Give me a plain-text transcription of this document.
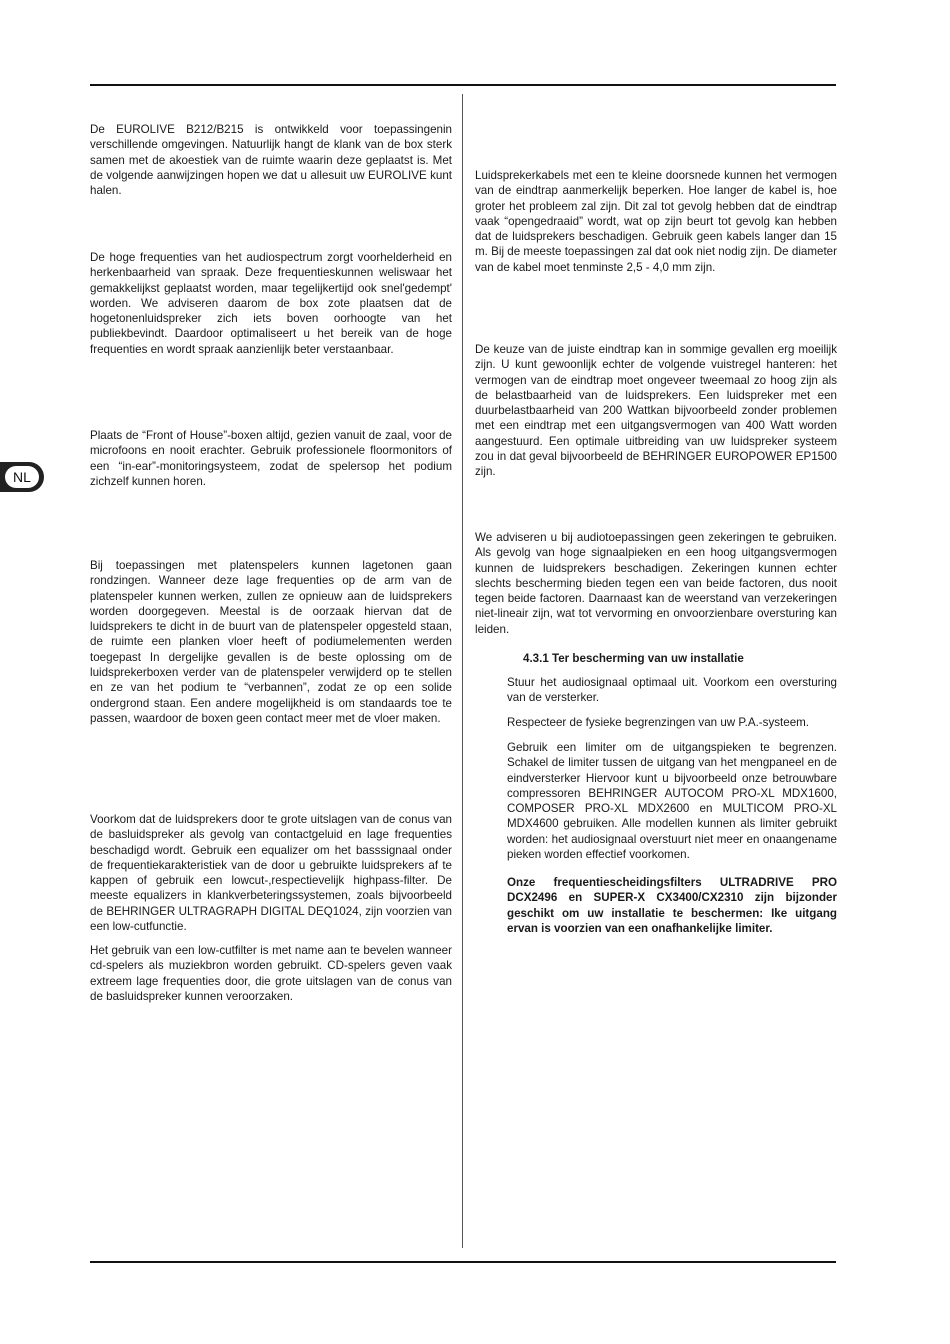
NL

De EUROLIVE B212/B215 is ontwikkeld voor toepassingenin verschillende omgevingen. Natuurlijk hangt de klank van de box sterk samen met de akoestiek van de ruimte waarin deze geplaatst is. Met de volgende aanwijzingen hopen we dat u allesuit uw EUROLIVE kunt halen.

De hoge frequenties van het audiospectrum zorgt voorhelderheid en herkenbaarheid van spraak. Deze frequentieskunnen weliswaar het gemakkelijkst geplaatst worden, maar tegelijkertijd ook snel'gedempt' worden. We adviseren daarom de box zote plaatsen dat de hogetonenluidspreker zich iets boven oorhoogte van het publiekbevindt. Daardoor optimaliseert u het bereik van de hoge frequenties en wordt spraak aanzienlijk beter verstaanbaar.

Plaats de “Front of House”-boxen altijd, gezien vanuit de zaal, voor de microfoons en nooit erachter. Gebruik professionele floormonitors of een “in-ear”-monitoringsysteem, zodat de spelersop het podium zichzelf kunnen horen.

Bij toepassingen met platenspelers kunnen lagetonen gaan rondzingen. Wanneer deze lage frequenties op de arm van de platenspeler kunnen werken, zullen ze opnieuw aan de luidsprekers worden doorgegeven. Meestal is de oorzaak hiervan dat de luidsprekers te dicht in de buurt van de platenspeler opgesteld staan, de ruimte een planken vloer heeft of podiumelementen werden toegepast In dergelijke gevallen is de beste oplossing om de luidsprekerboxen verder van de platenspeler verwijderd op te stellen en ze van het podium te “verbannen”, zodat ze op een solide ondergrond staan. Een andere mogelijkheid is om standaards toe te passen, waardoor de boxen geen contact meer met de vloer maken.

Voorkom dat de luidsprekers door te grote uitslagen van de conus van de basluidspreker als gevolg van contactgeluid en lage frequenties beschadigd wordt. Gebruik een equalizer om het basssignaal onder de frequentiekarakteristiek van de door u gebruikte luidsprekers af te kappen of gebruik een lowcut-,respectievelijk highpass-filter. De meeste equalizers in klankverbeteringssystemen, zoals bijvoorbeeld de BEHRINGER ULTRAGRAPH DIGITAL DEQ1024, zijn voorzien van een low-cutfunctie.

Het gebruik van een low-cutfilter is met name aan te bevelen wanneer cd-spelers als muziekbron worden gebruikt. CD-spelers geven vaak extreem lage frequenties door, die grote uitslagen van de conus van de basluidspreker kunnen veroorzaken.

Luidsprekerkabels met een te kleine doorsnede kunnen het vermogen van de eindtrap aanmerkelijk beperken. Hoe langer de kabel is, hoe groter het probleem zal zijn. Dit zal tot gevolg hebben dat de eindtrap vaak “opengedraaid” wordt, wat op zijn beurt tot gevolg kan hebben dat de luidsprekers beschadigen. Gebruik geen kabels langer dan 15 m. Bij de meeste toepassingen zal dat ook niet nodig zijn. De diameter van de kabel moet tenminste 2,5 - 4,0 mm zijn.

De keuze van de juiste eindtrap kan in sommige gevallen erg moeilijk zijn. U kunt gewoonlijk echter de volgende vuistregel hanteren: het vermogen van de eindtrap moet ongeveer tweemaal zo hoog zijn als de belastbaarheid van de luidsprekers. Een luidspreker met een duurbelastbaarheid van 200 Wattkan bijvoorbeeld zonder problemen met een eindtrap met een uitgangsvermogen van 400 Watt worden aangestuurd. Een optimale uitbreiding van uw luidspreker systeem zou in dat geval bijvoorbeeld de BEHRINGER EUROPOWER EP1500 zijn.

We adviseren u bij audiotoepassingen geen zekeringen te gebruiken. Als gevolg van hoge signaalpieken en een hoog uitgangsvermogen kunnen de luidsprekers beschadigen. Zekeringen kunnen echter slechts bescherming bieden tegen een van beide factoren, dus nooit tegen beide factoren. Daarnaast kan de weerstand van verzekeringen niet-lineair zijn, wat tot vervorming en onvoorzienbare oversturing kan leiden.

4.3.1 Ter bescherming van uw installatie

Stuur het audiosignaal optimaal uit. Voorkom een oversturing van de versterker.

Respecteer de fysieke begrenzingen van uw P.A.-systeem.

Gebruik een limiter om de uitgangspieken te begrenzen. Schakel de limiter tussen de uitgang van het mengpaneel en de eindversterker Hiervoor kunt u bijvoorbeeld onze betrouwbare compressoren BEHRINGER AUTOCOM PRO-XL MDX1600, COMPOSER PRO-XL MDX2600 en MULTICOM PRO-XL MDX4600 gebruiken. Alle modellen kunnen als limiter gebruikt worden: het audiosignaal overstuurt niet meer en onaangename pieken worden effectief voorkomen.

Onze frequentiescheidingsfilters ULTRADRIVE PRO DCX2496 en SUPER-X CX3400/CX2310 zijn bijzonder geschikt om uw installatie te beschermen: Ike uitgang ervan is voorzien van een onafhankelijke limiter.
